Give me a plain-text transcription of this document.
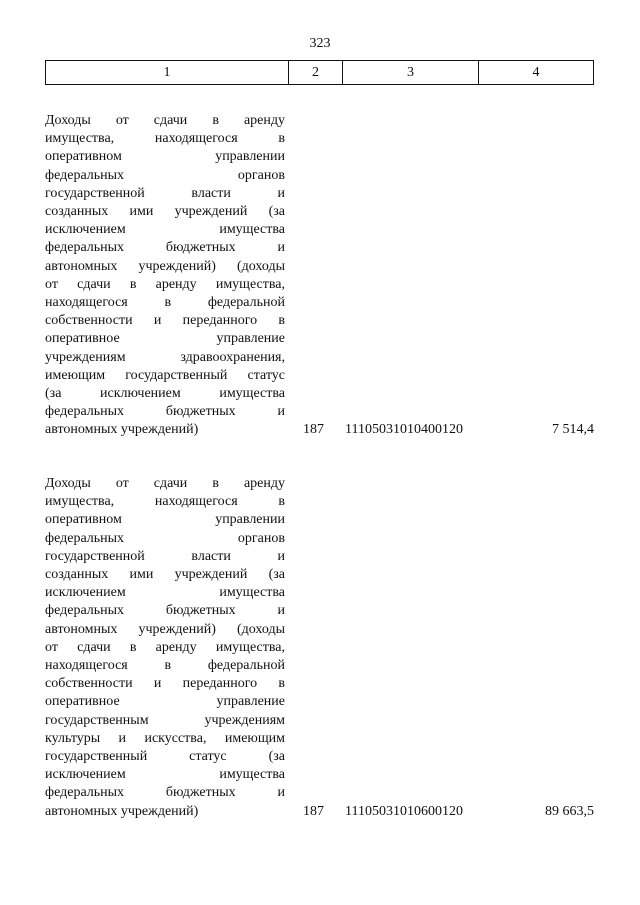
323
1	2	3	4
Доходы от сдачи в аренду
имущества, находящегося в
оперативном управлении
федеральных органов
государственной власти и
созданных ими учреждений (за
исключением имущества
федеральных бюджетных и
автономных учреждений) (доходы
от сдачи в аренду имущества,
находящегося в федеральной
собственности и переданного в
оперативное управление
учреждениям здравоохранения,
имеющим государственный статус
(за исключением имущества
федеральных бюджетных и
автономных учреждений)	187	11105031010400120	7 514,4
Доходы от сдачи в аренду
имущества, находящегося в
оперативном управлении
федеральных органов
государственной власти и
созданных ими учреждений (за
исключением имущества
федеральных бюджетных и
автономных учреждений) (доходы
от сдачи в аренду имущества,
находящегося в федеральной
собственности и переданного в
оперативное управление
государственным учреждениям
культуры и искусства, имеющим
государственный статус (за
исключением имущества
федеральных бюджетных и
автономных учреждений)	187	11105031010600120	89 663,5
